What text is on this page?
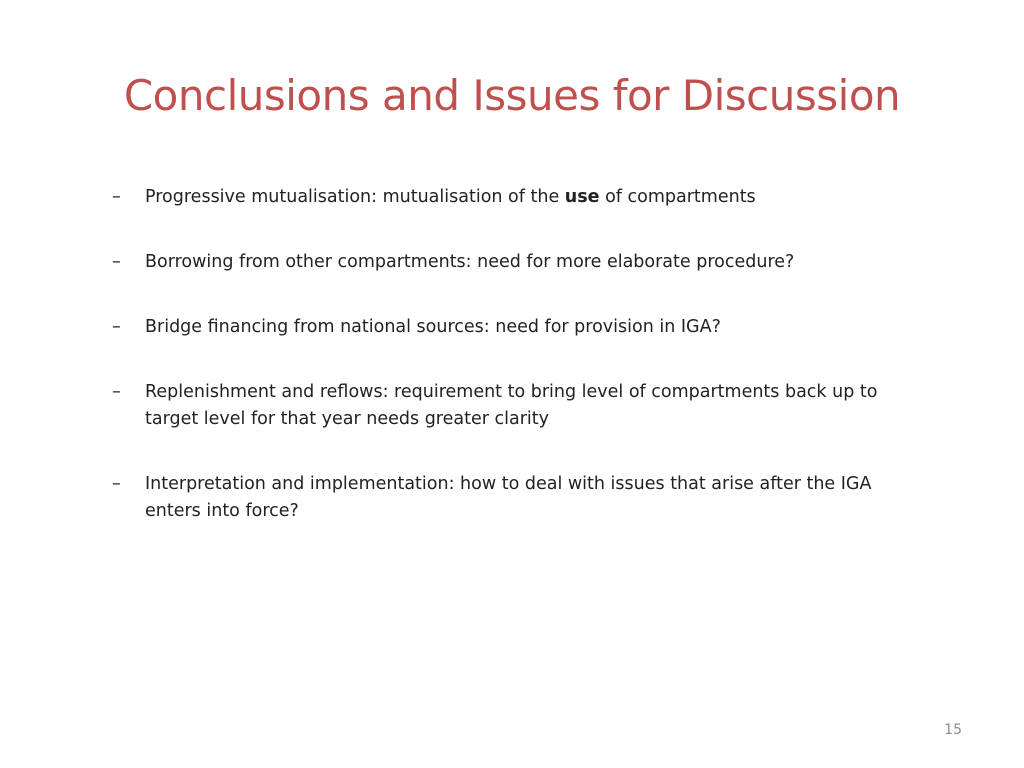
Conclusions and Issues for Discussion
– Progressive mutualisation: mutualisation of the use of compartments
– Borrowing from other compartments: need for more elaborate procedure?
– Bridge financing from national sources: need for provision in IGA?
– Replenishment and reflows: requirement to bring level of compartments back up to target level for that year needs greater clarity
– Interpretation and implementation: how to deal with issues that arise after the IGA enters into force?
15
